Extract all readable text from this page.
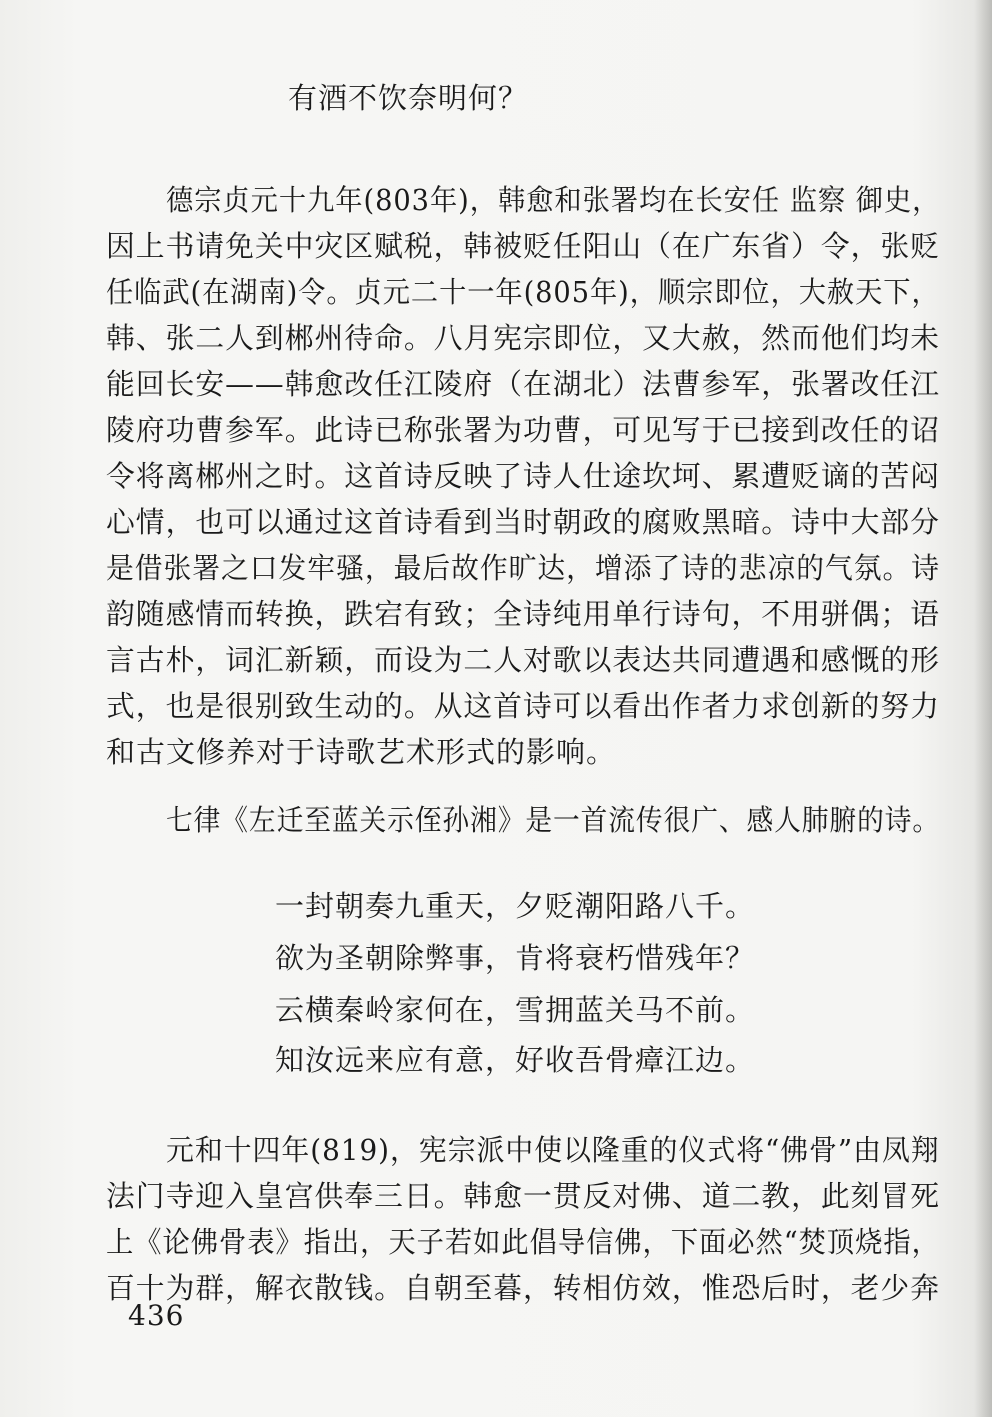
有酒不饮奈明何？
德宗贞元十九年(803年)，韩愈和张署均在长安任 监察 御史，
因上书请免关中灾区赋税，韩被贬任阳山（在广东省）令，张贬
任临武(在湖南)令。贞元二十一年(805年)，顺宗即位，大赦天下，
韩、张二人到郴州待命。八月宪宗即位，又大赦，然而他们均未
能回长安——韩愈改任江陵府（在湖北）法曹参军，张署改任江
陵府功曹参军。此诗已称张署为功曹，可见写于已接到改任的诏
令将离郴州之时。这首诗反映了诗人仕途坎坷、累遭贬谪的苦闷
心情，也可以通过这首诗看到当时朝政的腐败黑暗。诗中大部分
是借张署之口发牢骚，最后故作旷达，增添了诗的悲凉的气氛。诗
韵随感情而转换，跌宕有致；全诗纯用单行诗句，不用骈偶；语
言古朴，词汇新颖，而设为二人对歌以表达共同遭遇和感慨的形
式，也是很别致生动的。从这首诗可以看出作者力求创新的努力
和古文修养对于诗歌艺术形式的影响。
七律《左迁至蓝关示侄孙湘》是一首流传很广、感人肺腑的诗。
一封朝奏九重天，夕贬潮阳路八千。
欲为圣朝除弊事，肯将衰朽惜残年？
云横秦岭家何在，雪拥蓝关马不前。
知汝远来应有意，好收吾骨瘴江边。
元和十四年(819)，宪宗派中使以隆重的仪式将“佛骨”由凤翔
法门寺迎入皇宫供奉三日。韩愈一贯反对佛、道二教，此刻冒死
上《论佛骨表》指出，天子若如此倡导信佛，下面必然“焚顶烧指，
百十为群，解衣散钱。自朝至暮，转相仿效，惟恐后时，老少奔
436
